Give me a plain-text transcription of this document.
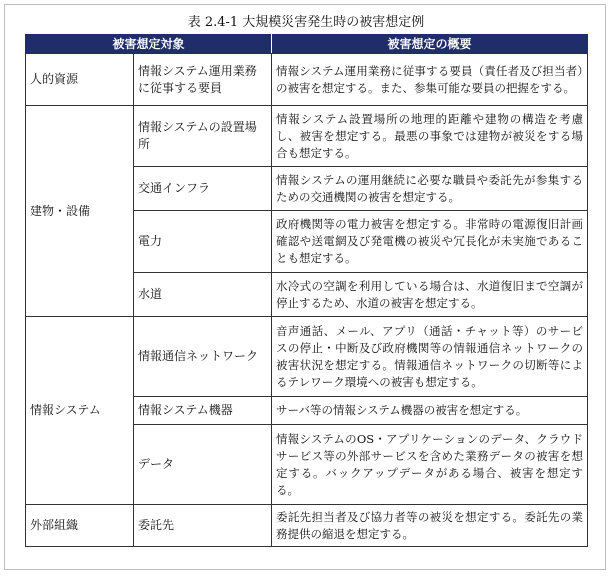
表 2.4-1 大規模災害発生時の被害想定例
被害想定対象		被害想定の概要
人的資源	情報システム運用業務に従事する要員	情報システム運用業務に従事する要員（責任者及び担当者）の被害を想定する。また、参集可能な要員の把握をする。
建物・設備	情報システムの設置場所	情報システム設置場所の地理的距離や建物の構造を考慮し、被害を想定する。最悪の事象では建物が被災をする場合も想定する。
	交通インフラ	情報システムの運用継続に必要な職員や委託先が参集するための交通機関の被害を想定する。
	電力	政府機関等の電力被害を想定する。非常時の電源復旧計画確認や送電網及び発電機の被災や冗長化が未実施であることも想定する。
	水道	水冷式の空調を利用している場合は、水道復旧まで空調が停止するため、水道の被害を想定する。
情報システム	情報通信ネットワーク	音声通話、メール、アプリ（通話・チャット等）のサービスの停止・中断及び政府機関等の情報通信ネットワークの被害状況を想定する。情報通信ネットワークの切断等によるテレワーク環境への被害も想定する。
	情報システム機器	サーバ等の情報システム機器の被害を想定する。
	データ	情報システムのOS・アプリケーションのデータ、クラウドサービス等の外部サービスを含めた業務データの被害を想定する。バックアップデータがある場合、被害を想定する。
外部組織	委託先	委託先担当者及び協力者等の被災を想定する。委託先の業務提供の縮退を想定する。
